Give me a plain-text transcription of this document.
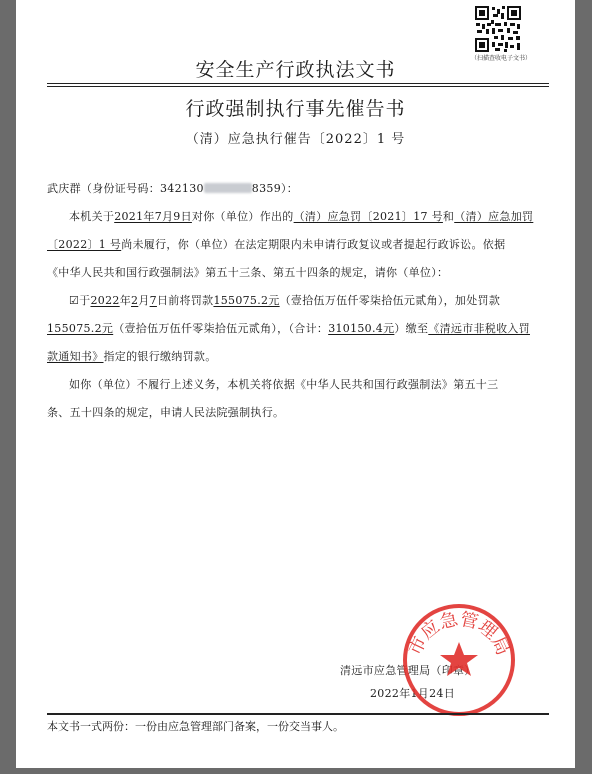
（扫描查收电子文书）
安全生产行政执法文书
行政强制执行事先催告书
（清）应急执行催告〔2022〕1 号
武庆群（身份证号码：342130	8359）：
本机关于2021年7月9日对你（单位）作出的（清）应急罚〔2021〕17 号和（清）应急加罚
〔2022〕1 号尚未履行，你（单位）在法定期限内未申请行政复议或者提起行政诉讼。依据
《中华人民共和国行政强制法》第五十三条、第五十四条的规定，请你（单位）：
☑于2022年2月7日前将罚款155075.2元（壹拾伍万伍仟零柒拾伍元贰角），加处罚款
155075.2元（壹拾伍万伍仟零柒拾伍元贰角），（合计：310150.4元）缴至《清远市非税收入罚
款通知书》指定的银行缴纳罚款。
如你（单位）不履行上述义务，本机关将依据《中华人民共和国行政强制法》第五十三
条、五十四条的规定，申请人民法院强制执行。
清远市应急管理局（印章）
2022年1月24日
市应急管理局
本文书一式两份：一份由应急管理部门备案，一份交当事人。
